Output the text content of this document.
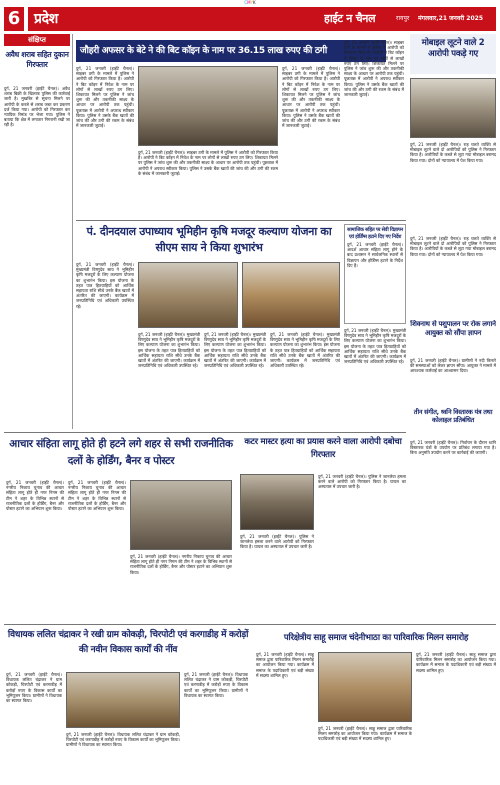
CMYK
6 प्रदेश	हाईट न चैनल	रायपुर	मंगलवार,21 जनवरी 2025
संक्षिप्त
अवैध शराब सहित दुकान गिरफ्तार
दुर्ग, 21 जनवरी (हाईटे चैनल)। अवैध शराब बिक्री के खिलाफ पुलिस की कार्रवाई जारी है। मुखबिर से सूचना मिलने पर आरोपी के कब्जे से शराब जब्त कर प्रकरण दर्ज किया गया। आरोपी को गिरफ्तार कर न्यायिक रिमांड पर भेजा गया। पुलिस ने बताया कि क्षेत्र में लगातार निगरानी रखी जा रही है।
जौहरी अफसर के बेटे ने की बिट कॉइन के नाम पर 36.15 लाख रुपए की ठगी
दुर्ग, 21 जनवरी (हाईटे चैनल)। साइबर ठगी के मामले में पुलिस ने आरोपी को गिरफ्तार किया है। आरोपी ने बिट कॉइन में निवेश के नाम पर लोगों से लाखों रुपए ठग लिए। शिकायत मिलने पर पुलिस ने जांच शुरू की और तकनीकी साक्ष्य के आधार पर आरोपी तक पहुंची। पूछताछ में आरोपी ने अपराध स्वीकार किया। पुलिस ने उसके बैंक खातों की जांच की और ठगी की रकम के संबंध में जानकारी जुटाई।
दुर्ग, 21 जनवरी (हाईटे चैनल)। साइबर ठगी के मामले में पुलिस ने आरोपी को गिरफ्तार किया है। आरोपी ने बिट कॉइन में निवेश के नाम पर लोगों से लाखों रुपए ठग लिए। शिकायत मिलने पर पुलिस ने जांच शुरू की और तकनीकी साक्ष्य के आधार पर आरोपी तक पहुंची। पूछताछ में आरोपी ने अपराध स्वीकार किया। पुलिस ने उसके बैंक खातों की जांच की और ठगी की रकम के संबंध में जानकारी जुटाई।
दुर्ग, 21 जनवरी (हाईटे चैनल)। साइबर ठगी के मामले में पुलिस ने आरोपी को गिरफ्तार किया है। आरोपी ने बिट कॉइन में निवेश के नाम पर लोगों से लाखों रुपए ठग लिए। शिकायत मिलने पर पुलिस ने जांच शुरू की और तकनीकी साक्ष्य के आधार पर आरोपी तक पहुंची। पूछताछ में आरोपी ने अपराध स्वीकार किया। पुलिस ने उसके बैंक खातों की जांच की और ठगी की रकम के संबंध में जानकारी जुटाई।
दुर्ग, 21 जनवरी (हाईटे चैनल)। साइबर ठगी के मामले में पुलिस ने आरोपी को गिरफ्तार किया है। आरोपी ने बिट कॉइन में निवेश के नाम पर लोगों से लाखों रुपए ठग लिए। शिकायत मिलने पर पुलिस ने जांच शुरू की और तकनीकी साक्ष्य के आधार पर आरोपी तक पहुंची। पूछताछ में आरोपी ने अपराध स्वीकार किया। पुलिस ने उसके बैंक खातों की जांच की और ठगी की रकम के संबंध में जानकारी जुटाई।
मोबाइल लूटने वाले 2 आरोपी पकड़े गए
दुर्ग, 21 जनवरी (हाईटे चैनल)। राह चलते व्यक्ति से मोबाइल लूटने वाले दो आरोपियों को पुलिस ने गिरफ्तार किया है। आरोपियों के कब्जे से लूटा गया मोबाइल बरामद किया गया। दोनों को न्यायालय में पेश किया गया।
सामाजिक सहित पर सेवी विज्ञापन एवं होर्डिंग्स हटाने दिए गए निर्देश
दुर्ग, 21 जनवरी (हाईटे चैनल)। आदर्श आचार संहिता लागू होने के बाद प्रशासन ने सार्वजनिक स्थानों से विज्ञापन और होर्डिंग्स हटाने के निर्देश दिए हैं।
पं. दीनदयाल उपाध्याय भूमिहीन कृषि मजदूर कल्याण योजना का सीएम साय ने किया शुभारंभ
दुर्ग, 21 जनवरी (हाईटे चैनल)। मुख्यमंत्री विष्णुदेव साय ने भूमिहीन कृषि मजदूरों के लिए कल्याण योजना का शुभारंभ किया। इस योजना के तहत पात्र हितग्राहियों को आर्थिक सहायता राशि सीधे उनके बैंक खातों में अंतरित की जाएगी। कार्यक्रम में जनप्रतिनिधि एवं अधिकारी उपस्थित रहे।
दुर्ग, 21 जनवरी (हाईटे चैनल)। मुख्यमंत्री विष्णुदेव साय ने भूमिहीन कृषि मजदूरों के लिए कल्याण योजना का शुभारंभ किया। इस योजना के तहत पात्र हितग्राहियों को आर्थिक सहायता राशि सीधे उनके बैंक खातों में अंतरित की जाएगी। कार्यक्रम में जनप्रतिनिधि एवं अधिकारी उपस्थित रहे।
दुर्ग, 21 जनवरी (हाईटे चैनल)। मुख्यमंत्री विष्णुदेव साय ने भूमिहीन कृषि मजदूरों के लिए कल्याण योजना का शुभारंभ किया। इस योजना के तहत पात्र हितग्राहियों को आर्थिक सहायता राशि सीधे उनके बैंक खातों में अंतरित की जाएगी। कार्यक्रम में जनप्रतिनिधि एवं अधिकारी उपस्थित रहे।
दुर्ग, 21 जनवरी (हाईटे चैनल)। मुख्यमंत्री विष्णुदेव साय ने भूमिहीन कृषि मजदूरों के लिए कल्याण योजना का शुभारंभ किया। इस योजना के तहत पात्र हितग्राहियों को आर्थिक सहायता राशि सीधे उनके बैंक खातों में अंतरित की जाएगी। कार्यक्रम में जनप्रतिनिधि एवं अधिकारी उपस्थित रहे।
दुर्ग, 21 जनवरी (हाईटे चैनल)। मुख्यमंत्री विष्णुदेव साय ने भूमिहीन कृषि मजदूरों के लिए कल्याण योजना का शुभारंभ किया। इस योजना के तहत पात्र हितग्राहियों को आर्थिक सहायता राशि सीधे उनके बैंक खातों में अंतरित की जाएगी। कार्यक्रम में जनप्रतिनिधि एवं अधिकारी उपस्थित रहे।
दुर्ग, 21 जनवरी (हाईटे चैनल)। राह चलते व्यक्ति से मोबाइल लूटने वाले दो आरोपियों को पुलिस ने गिरफ्तार किया है। आरोपियों के कब्जे से लूटा गया मोबाइल बरामद किया गया। दोनों को न्यायालय में पेश किया गया।
शिवनाथ से पशुपालन पर रोक लगाने आयुक्त को सौंपा ज्ञापन
दुर्ग, 21 जनवरी (हाईटे चैनल)। ग्रामीणों ने नदी किनारे की समस्याओं को लेकर ज्ञापन सौंपा। आयुक्त ने मामले में आवश्यक कार्रवाई का आश्वासन दिया।
तीन संगीत, ध्वनि विस्तारक यंत्र तथा कोलाहल प्रतिबंधित
आचार संहिता लागू होते ही हटने लगे शहर से सभी राजनीतिक दलों के होर्डिंग, बैनर व पोस्टर
दुर्ग, 21 जनवरी (हाईटे चैनल)। नगरीय निकाय चुनाव की आचार संहिता लागू होते ही नगर निगम की टीम ने शहर के विभिन्न स्थानों से राजनीतिक दलों के होर्डिंग, बैनर और पोस्टर हटाने का अभियान शुरू किया।
दुर्ग, 21 जनवरी (हाईटे चैनल)। नगरीय निकाय चुनाव की आचार संहिता लागू होते ही नगर निगम की टीम ने शहर के विभिन्न स्थानों से राजनीतिक दलों के होर्डिंग, बैनर और पोस्टर हटाने का अभियान शुरू किया।
दुर्ग, 21 जनवरी (हाईटे चैनल)। नगरीय निकाय चुनाव की आचार संहिता लागू होते ही नगर निगम की टीम ने शहर के विभिन्न स्थानों से राजनीतिक दलों के होर्डिंग, बैनर और पोस्टर हटाने का अभियान शुरू किया।
कटर मास्टर हत्या का प्रयास करने वाला आरोपी दबोचा गिरफ्तार
दुर्ग, 21 जनवरी (हाईटे चैनल)। पुलिस ने जानलेवा हमला करने वाले आरोपी को गिरफ्तार किया है। घायल का अस्पताल में उपचार जारी है।
दुर्ग, 21 जनवरी (हाईटे चैनल)। पुलिस ने जानलेवा हमला करने वाले आरोपी को गिरफ्तार किया है। घायल का अस्पताल में उपचार जारी है।
दुर्ग, 21 जनवरी (हाईटे चैनल)। निर्वाचन के दौरान ध्वनि विस्तारक यंत्रों के उपयोग पर प्रतिबंध लगाया गया है। बिना अनुमति उपयोग करने पर कार्रवाई की जाएगी।
विधायक ललित चंद्राकर ने रखी ग्राम कोकड़ी, चिरपोटी एवं करगाडीह में करोड़ों की नवीन विकास कार्यों की नींव
दुर्ग, 21 जनवरी (हाईटे चैनल)। विधायक ललित चंद्राकर ने ग्राम कोकड़ी, चिरपोटी एवं करगाडीह में करोड़ों रुपए के विकास कार्यों का भूमिपूजन किया। ग्रामीणों ने विधायक का स्वागत किया।
दुर्ग, 21 जनवरी (हाईटे चैनल)। विधायक ललित चंद्राकर ने ग्राम कोकड़ी, चिरपोटी एवं करगाडीह में करोड़ों रुपए के विकास कार्यों का भूमिपूजन किया। ग्रामीणों ने विधायक का स्वागत किया।
दुर्ग, 21 जनवरी (हाईटे चैनल)। विधायक ललित चंद्राकर ने ग्राम कोकड़ी, चिरपोटी एवं करगाडीह में करोड़ों रुपए के विकास कार्यों का भूमिपूजन किया। ग्रामीणों ने विधायक का स्वागत किया।
परिक्षेत्रीय साहू समाज चंदेनीभाठा का पारिवारिक मिलन समारोह
दुर्ग, 21 जनवरी (हाईटे चैनल)। साहू समाज द्वारा पारिवारिक मिलन समारोह का आयोजन किया गया। कार्यक्रम में समाज के पदाधिकारी एवं बड़ी संख्या में सदस्य शामिल हुए।
दुर्ग, 21 जनवरी (हाईटे चैनल)। साहू समाज द्वारा पारिवारिक मिलन समारोह का आयोजन किया गया। कार्यक्रम में समाज के पदाधिकारी एवं बड़ी संख्या में सदस्य शामिल हुए।
दुर्ग, 21 जनवरी (हाईटे चैनल)। साहू समाज द्वारा पारिवारिक मिलन समारोह का आयोजन किया गया। कार्यक्रम में समाज के पदाधिकारी एवं बड़ी संख्या में सदस्य शामिल हुए।
